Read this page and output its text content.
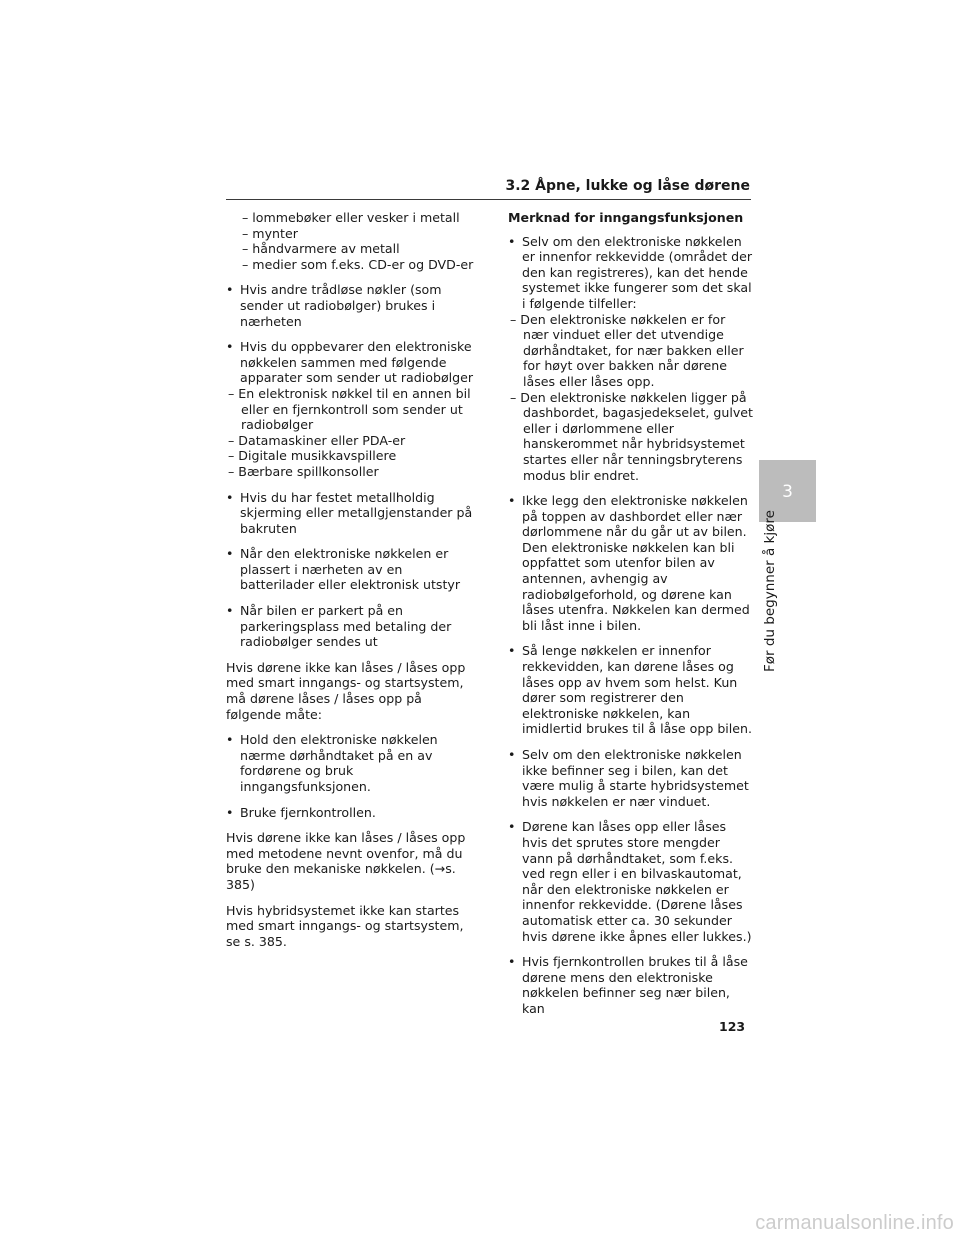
3.2 Åpne, lukke og låse dørene
– lommebøker eller vesker i metall
– mynter
– håndvarmere av metall
– medier som f.eks. CD-er og DVD-er
• Hvis andre trådløse nøkler (som sender ut radiobølger) brukes i nærheten
• Hvis du oppbevarer den elektroniske nøkkelen sammen med følgende apparater som sender ut radiobølger
– En elektronisk nøkkel til en annen bil eller en fjernkontroll som sender ut radiobølger
– Datamaskiner eller PDA-er
– Digitale musikkavspillere
– Bærbare spillkonsoller
• Hvis du har festet metallholdig skjerming eller metallgjenstander på bakruten
• Når den elektroniske nøkkelen er plassert i nærheten av en batterilader eller elektronisk utstyr
• Når bilen er parkert på en parkeringsplass med betaling der radiobølger sendes ut

Hvis dørene ikke kan låses / låses opp med smart inngangs- og startsystem, må dørene låses / låses opp på følgende måte:

• Hold den elektroniske nøkkelen nærme dørhåndtaket på en av fordørene og bruk inngangsfunksjonen.
• Bruke fjernkontrollen.

Hvis dørene ikke kan låses / låses opp med metodene nevnt ovenfor, må du bruke den mekaniske nøkkelen. (→s. 385)

Hvis hybridsystemet ikke kan startes med smart inngangs- og startsystem, se s. 385.

Merknad for inngangsfunksjonen

• Selv om den elektroniske nøkkelen er innenfor rekkevidde (området der den kan registreres), kan det hende systemet ikke fungerer som det skal i følgende tilfeller:
– Den elektroniske nøkkelen er for nær vinduet eller det utvendige dørhåndtaket, for nær bakken eller for høyt over bakken når dørene låses eller låses opp.
– Den elektroniske nøkkelen ligger på dashbordet, bagasjedekselet, gulvet eller i dørlommene eller hanskerommet når hybridsystemet startes eller når tenningsbryterens modus blir endret.
• Ikke legg den elektroniske nøkkelen på toppen av dashbordet eller nær dørlommene når du går ut av bilen. Den elektroniske nøkkelen kan bli oppfattet som utenfor bilen av antennen, avhengig av radiobølgeforhold, og dørene kan låses utenfra. Nøkkelen kan dermed bli låst inne i bilen.
• Så lenge nøkkelen er innenfor rekkevidden, kan dørene låses og låses opp av hvem som helst. Kun dører som registrerer den elektroniske nøkkelen, kan imidlertid brukes til å låse opp bilen.
• Selv om den elektroniske nøkkelen ikke befinner seg i bilen, kan det være mulig å starte hybridsystemet hvis nøkkelen er nær vinduet.
• Dørene kan låses opp eller låses hvis det sprutes store mengder vann på dørhåndtaket, som f.eks. ved regn eller i en bilvaskautomat, når den elektroniske nøkkelen er innenfor rekkevidde. (Dørene låses automatisk etter ca. 30 sekunder hvis dørene ikke åpnes eller lukkes.)
• Hvis fjernkontrollen brukes til å låse dørene mens den elektroniske nøkkelen befinner seg nær bilen, kan
3
Før du begynner å kjøre
123
carmanualsonline.info
